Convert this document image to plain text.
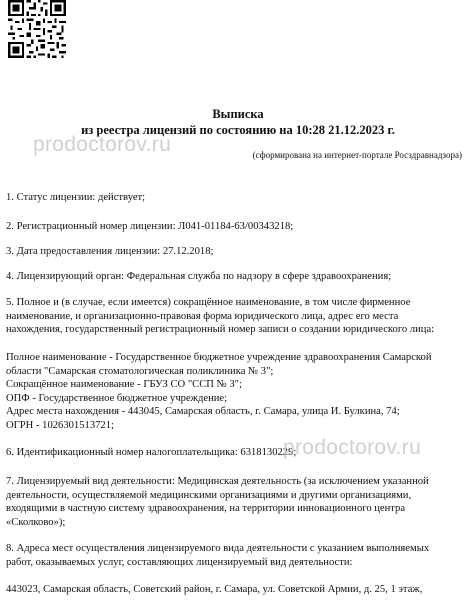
Выписка
из реестра лицензий по состоянию на 10:28 21.12.2023 г.
prodoctorov.ru	(сформирована на интернет-портале Росздравнадзора)
1. Статус лицензии: действует;
2. Регистрационный номер лицензии: Л041-01184-63/00343218;
3. Дата предоставления лицензии: 27.12.2018;
4. Лицензирующий орган: Федеральная служба по надзору в сфере здравоохранения;
5. Полное и (в случае, если имеется) сокращённое наименование, в том числе фирменное
наименование, и организационно-правовая форма юридического лица, адрес его места
нахождения, государственный регистрационный номер записи о создании юридического лица:
Полное наименование - Государственное бюджетное учреждение здравоохранения Самарской
области "Самарская стоматологическая поликлиника № 3";
Сокращённое наименование - ГБУЗ СО "ССП № 3";
ОПФ - Государственное бюджетное учреждение;
Адрес места нахождения - 443045, Самарская область, г. Самара, улица И. Булкина, 74;
ОГРН - 1026301513721;
6. Идентификационный номер налогоплательщика: 6318130229;
prodoctorov.ru
7. Лицензируемый вид деятельности: Медицинская деятельность (за исключением указанной
деятельности, осуществляемой медицинскими организациями и другими организациями,
входящими в частную систему здравоохранения, на территории инновационного центра
«Сколково»);
8. Адреса мест осуществления лицензируемого вида деятельности с указанием выполняемых
работ, оказываемых услуг, составляющих лицензируемый вид деятельности:
443023, Самарская область, Советский район, г. Самара, ул. Советской Армии, д. 25, 1 этаж,
